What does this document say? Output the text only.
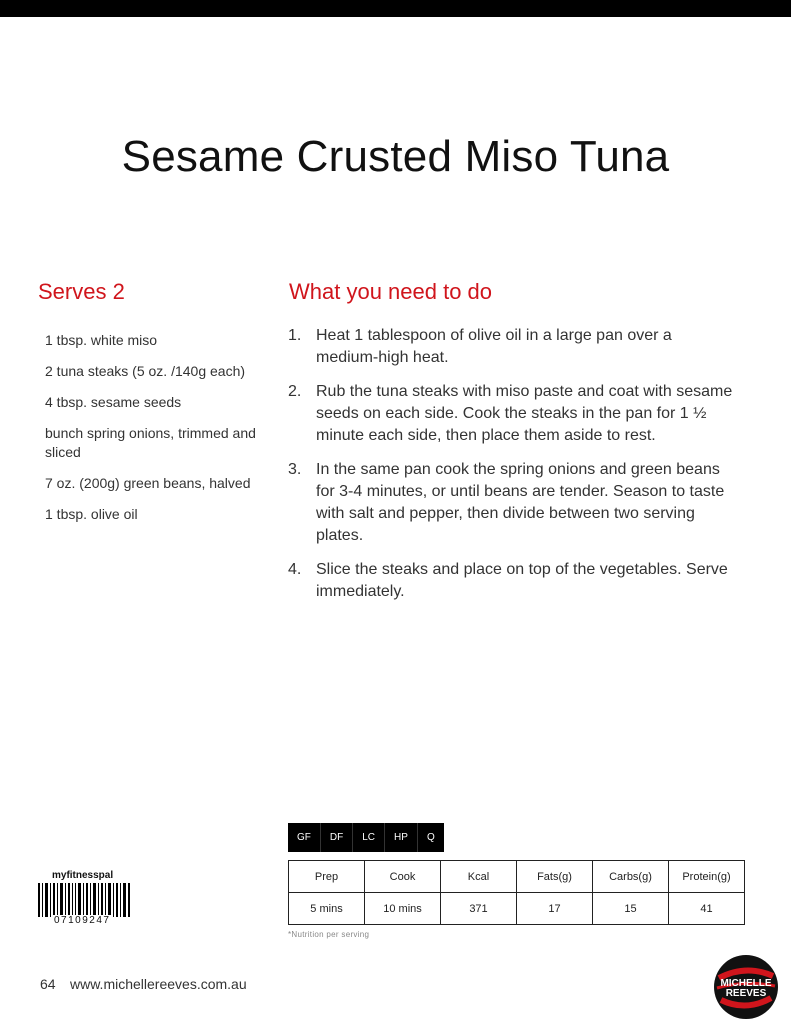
Sesame Crusted Miso Tuna
Serves 2	What you need to do
1 tbsp. white miso
2 tuna steaks (5 oz. /140g each)
4 tbsp. sesame seeds
bunch spring onions, trimmed and sliced
7 oz. (200g) green beans, halved
1 tbsp. olive oil
1. Heat 1 tablespoon of olive oil in a large pan over a medium-high heat.
2. Rub the tuna steaks with miso paste and coat with sesame seeds on each side. Cook the steaks in the pan for 1 ½ minute each side, then place them aside to rest.
3. In the same pan cook the spring onions and green beans for 3-4 minutes, or until beans are tender. Season to taste with salt and pepper, then divide between two serving plates.
4. Slice the steaks and place on top of the vegetables. Serve immediately.
GF	DF	LC	HP	Q
Prep	Cook	Kcal	Fats(g)	Carbs(g)	Protein(g)
5 mins	10 mins	371	17	15	41
*Nutrition per serving
myfitnesspal
07109247
64 www.michellereeves.com.au	MICHELLE
REEVES
